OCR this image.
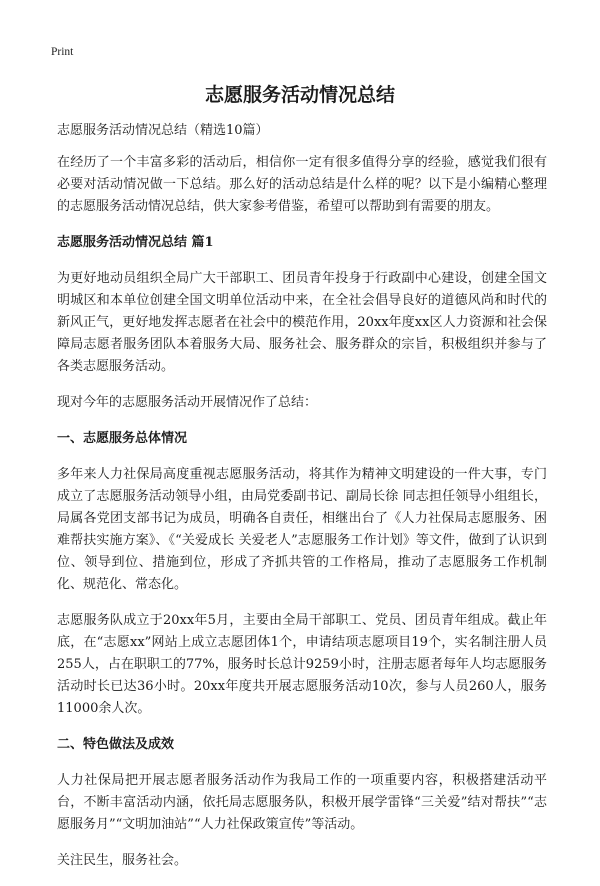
Print
志愿服务活动情况总结

志愿服务活动情况总结（精选10篇）

在经历了一个丰富多彩的活动后，相信你一定有很多值得分享的经验，感觉我们很有必要对活动情况做一下总结。那么好的活动总结是什么样的呢？以下是小编精心整理的志愿服务活动情况总结，供大家参考借鉴，希望可以帮助到有需要的朋友。

志愿服务活动情况总结 篇1

为更好地动员组织全局广大干部职工、团员青年投身于行政副中心建设，创建全国文明城区和本单位创建全国文明单位活动中来，在全社会倡导良好的道德风尚和时代的新风正气，更好地发挥志愿者在社会中的模范作用，20xx年度xx区人力资源和社会保障局志愿者服务团队本着服务大局、服务社会、服务群众的宗旨，积极组织并参与了各类志愿服务活动。

现对今年的志愿服务活动开展情况作了总结：

一、志愿服务总体情况

多年来人力社保局高度重视志愿服务活动，将其作为精神文明建设的一件大事，专门成立了志愿服务活动领导小组，由局党委副书记、副局长徐 同志担任领导小组组长，局属各党团支部书记为成员，明确各自责任，相继出台了《人力社保局志愿服务、困难帮扶实施方案》、《“关爱成长 关爱老人”志愿服务工作计划》等文件，做到了认识到位、领导到位、措施到位，形成了齐抓共管的工作格局，推动了志愿服务工作机制化、规范化、常态化。

志愿服务队成立于20xx年5月，主要由全局干部职工、党员、团员青年组成。截止年底，在“志愿xx”网站上成立志愿团体1个，申请结项志愿项目19个，实名制注册人员255人，占在职职工的77%，服务时长总计9259小时，注册志愿者每年人均志愿服务活动时长已达36小时。20xx年度共开展志愿服务活动10次，参与人员260人，服务11000余人次。

二、特色做法及成效

人力社保局把开展志愿者服务活动作为我局工作的一项重要内容，积极搭建活动平台，不断丰富活动内涵，依托局志愿服务队，积极开展学雷锋“三关爱”结对帮扶”“志愿服务月”“文明加油站”“人力社保政策宣传”等活动。

关注民生，服务社会。
